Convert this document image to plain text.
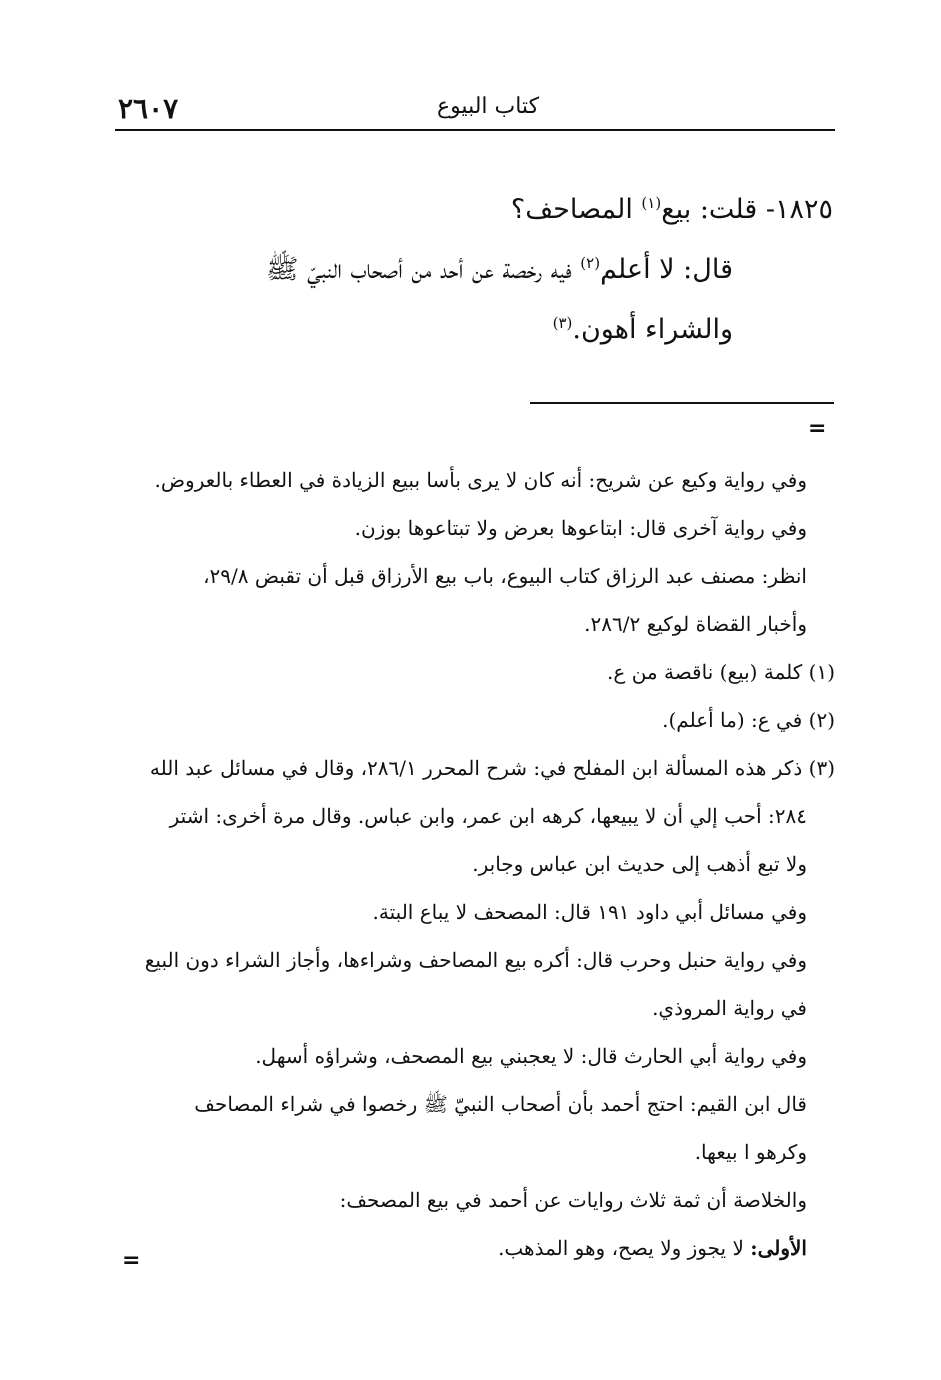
٢٦٠٧	كتاب البيوع

١٨٢٥- قلت: بيع$^{(١)}$ المصاحف؟

قال: لا أعلم$^{(٢)}$ فيه رخصة عن أحد من أصحاب النبيّ ﷺ

والشراء أهون.$^{(٣)}$

=

وفي رواية وكيع عن شريح: أنه كان لا يرى بأسا ببيع الزيادة في العطاء بالعروض.

وفي رواية آخرى قال: ابتاعوها بعرض ولا تبتاعوها بوزن.

انظر: مصنف عبد الرزاق كتاب البيوع، باب بيع الأرزاق قبل أن تقبض ٢٩/٨،

وأخبار القضاة لوكيع ٢٨٦/٢.

(١) كلمة (بيع) ناقصة من ع.

(٢) في ع: (ما أعلم).

(٣) ذكر هذه المسألة ابن المفلح في: شرح المحرر ٢٨٦/١، وقال في مسائل عبد الله

٢٨٤: أحب إلي أن لا يبيعها، كرهه ابن عمر، وابن عباس. وقال مرة أخرى: اشتر

ولا تبع أذهب إلى حديث ابن عباس وجابر.

وفي مسائل أبي داود ١٩١ قال: المصحف لا يباع البتة.

وفي رواية حنبل وحرب قال: أكره بيع المصاحف وشراءها، وأجاز الشراء دون البيع

في رواية المروذي.

وفي رواية أبي الحارث قال: لا يعجبني بيع المصحف، وشراؤه أسهل.

قال ابن القيم: احتج أحمد بأن أصحاب النبيّ ﷺ رخصوا في شراء المصاحف

وكرهو ا بيعها.

والخلاصة أن ثمة ثلاث روايات عن أحمد في بيع المصحف:

الأولى: لا يجوز ولا يصح، وهو المذهب.

=
